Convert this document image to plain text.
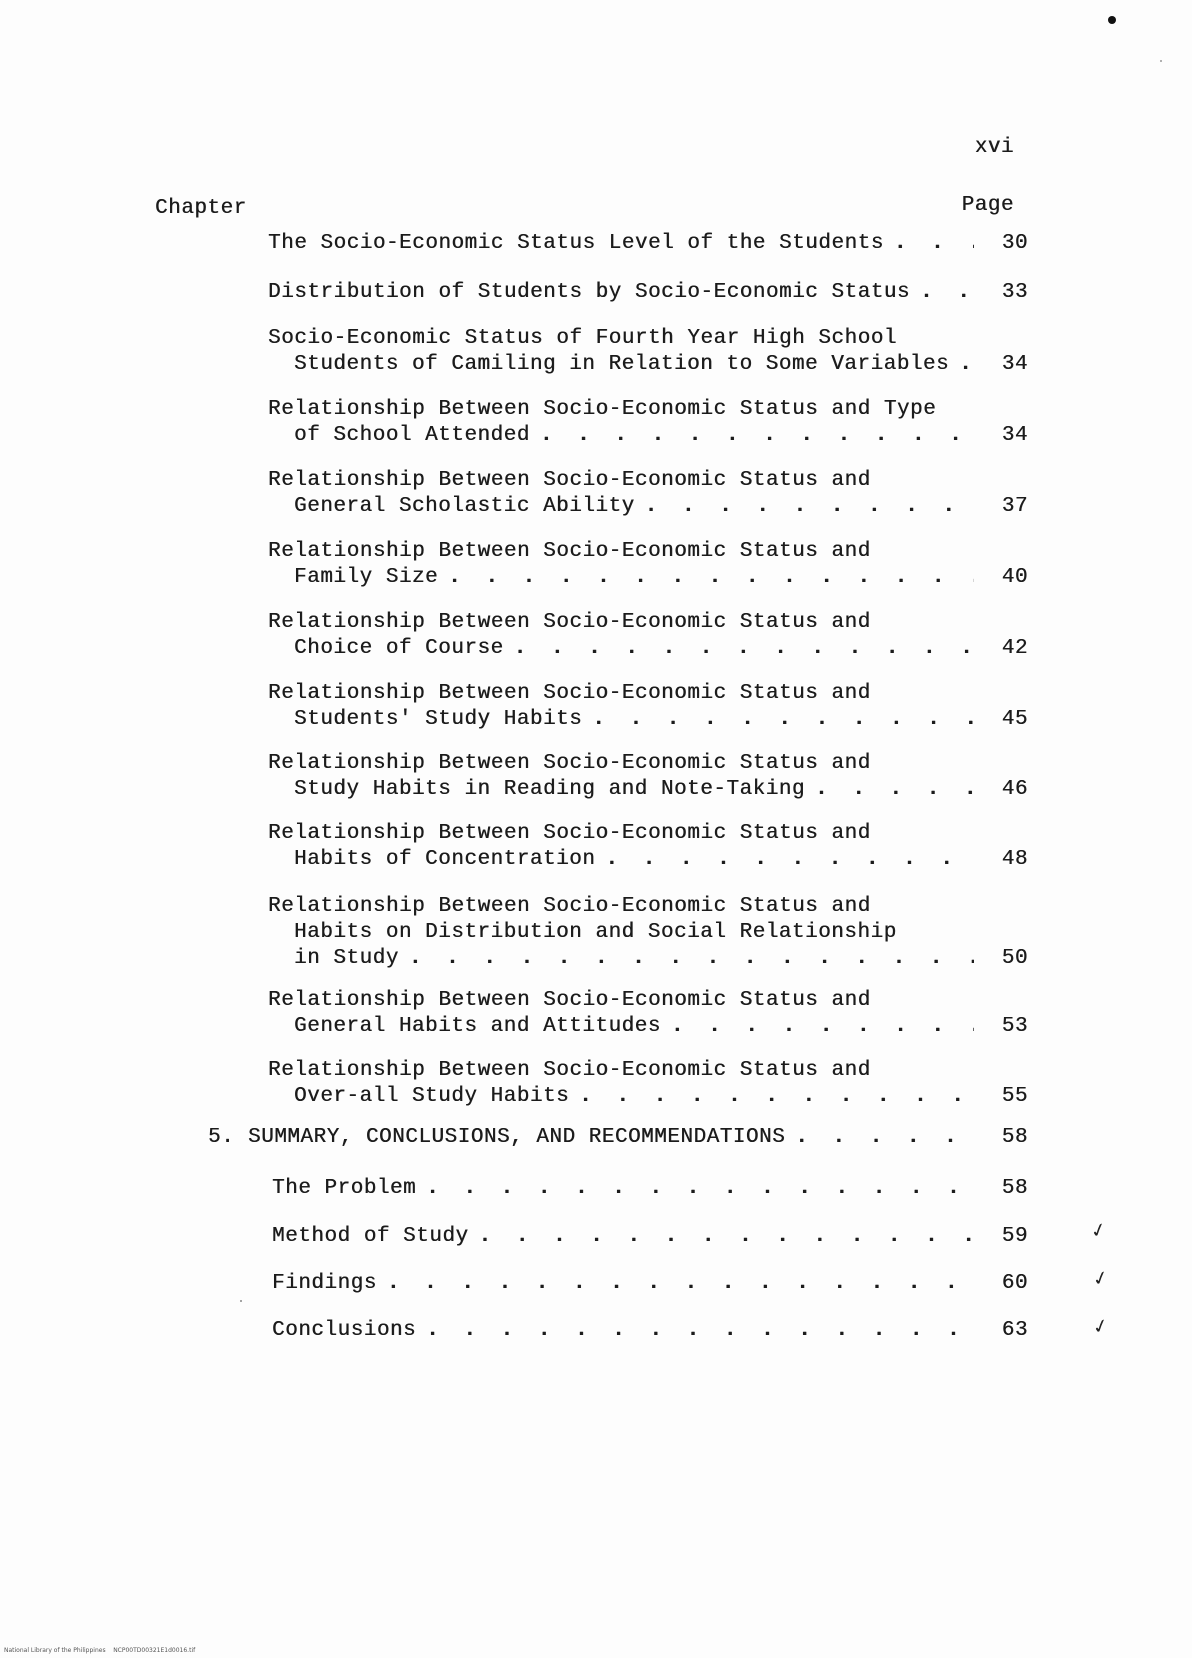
xvi
Chapter	Page
The Socio-Economic Status Level of the Students . . .	30
Distribution of Students by Socio-Economic Status . . .	33
Socio-Economic Status of Fourth Year High School
Students of Camiling in Relation to Some Variables . . .	34
Relationship Between Socio-Economic Status and Type
of School Attended . . .	34
Relationship Between Socio-Economic Status and
General Scholastic Ability . . .	37
Relationship Between Socio-Economic Status and
Family Size . . .	40
Relationship Between Socio-Economic Status and
Choice of Course . . .	42
Relationship Between Socio-Economic Status and
Students' Study Habits . . .	45
Relationship Between Socio-Economic Status and
Study Habits in Reading and Note-Taking . . .	46
Relationship Between Socio-Economic Status and
Habits of Concentration . . .	48
Relationship Between Socio-Economic Status and
Habits on Distribution and Social Relationship
in Study . . .	50
Relationship Between Socio-Economic Status and
General Habits and Attitudes . . .	53
Relationship Between Socio-Economic Status and
Over-all Study Habits . . .	55
5. SUMMARY, CONCLUSIONS, AND RECOMMENDATIONS . . .	58
The Problem . . .	58
Method of Study . . .	59
Findings . . .	60
Conclusions . . .	63
✓
✓
✓
National Library of the Philippines    NCP00TD00321E1d0016.tif
